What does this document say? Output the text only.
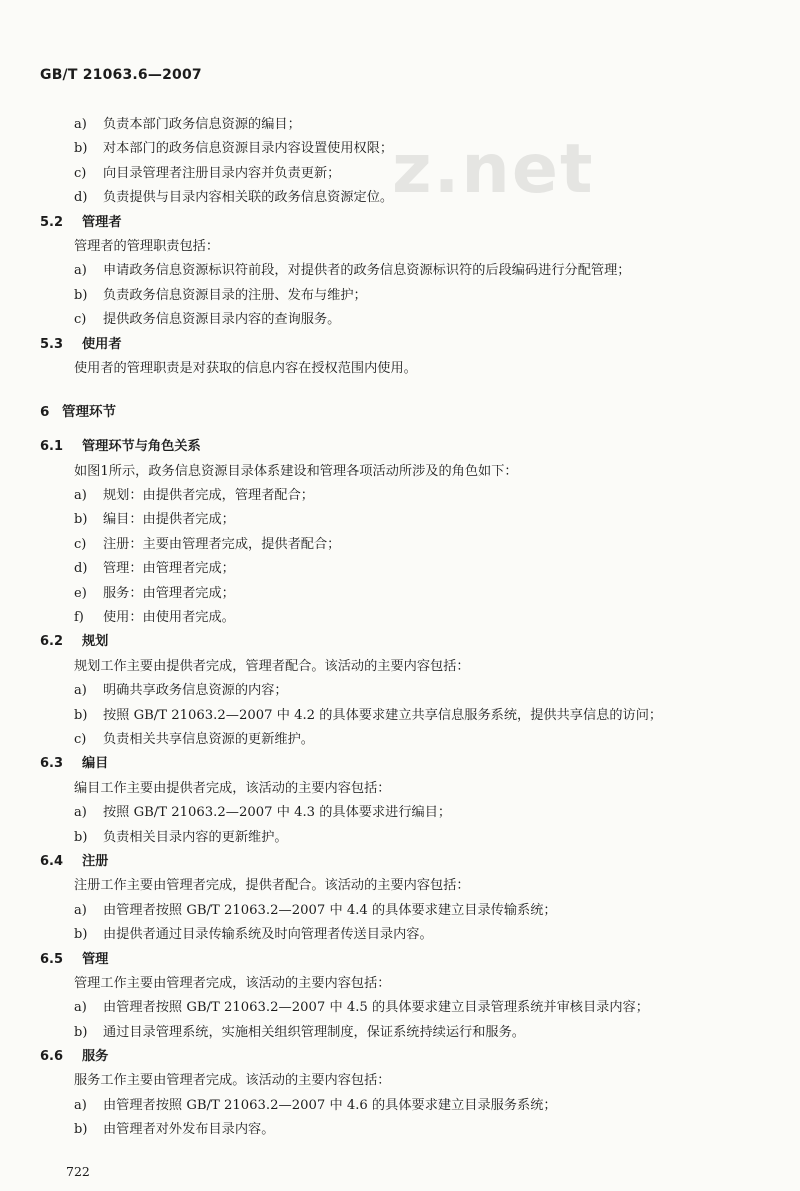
GB/T 21063.6—2007
z.net
a) 负责本部门政务信息资源的编目；
b) 对本部门的政务信息资源目录内容设置使用权限；
c) 向目录管理者注册目录内容并负责更新；
d) 负责提供与目录内容相关联的政务信息资源定位。
5.2 管理者
管理者的管理职责包括：
a) 申请政务信息资源标识符前段，对提供者的政务信息资源标识符的后段编码进行分配管理；
b) 负责政务信息资源目录的注册、发布与维护；
c) 提供政务信息资源目录内容的查询服务。
5.3 使用者
使用者的管理职责是对获取的信息内容在授权范围内使用。
6 管理环节
6.1 管理环节与角色关系
如图1所示，政务信息资源目录体系建设和管理各项活动所涉及的角色如下：
a) 规划：由提供者完成，管理者配合；
b) 编目：由提供者完成；
c) 注册：主要由管理者完成，提供者配合；
d) 管理：由管理者完成；
e) 服务：由管理者完成；
f) 使用：由使用者完成。
6.2 规划
规划工作主要由提供者完成，管理者配合。该活动的主要内容包括：
a) 明确共享政务信息资源的内容；
b) 按照 GB/T 21063.2—2007 中 4.2 的具体要求建立共享信息服务系统，提供共享信息的访问；
c) 负责相关共享信息资源的更新维护。
6.3 编目
编目工作主要由提供者完成，该活动的主要内容包括：
a) 按照 GB/T 21063.2—2007 中 4.3 的具体要求进行编目；
b) 负责相关目录内容的更新维护。
6.4 注册
注册工作主要由管理者完成，提供者配合。该活动的主要内容包括：
a) 由管理者按照 GB/T 21063.2—2007 中 4.4 的具体要求建立目录传输系统；
b) 由提供者通过目录传输系统及时向管理者传送目录内容。
6.5 管理
管理工作主要由管理者完成，该活动的主要内容包括：
a) 由管理者按照 GB/T 21063.2—2007 中 4.5 的具体要求建立目录管理系统并审核目录内容；
b) 通过目录管理系统，实施相关组织管理制度，保证系统持续运行和服务。
6.6 服务
服务工作主要由管理者完成。该活动的主要内容包括：
a) 由管理者按照 GB/T 21063.2—2007 中 4.6 的具体要求建立目录服务系统；
b) 由管理者对外发布目录内容。
722
